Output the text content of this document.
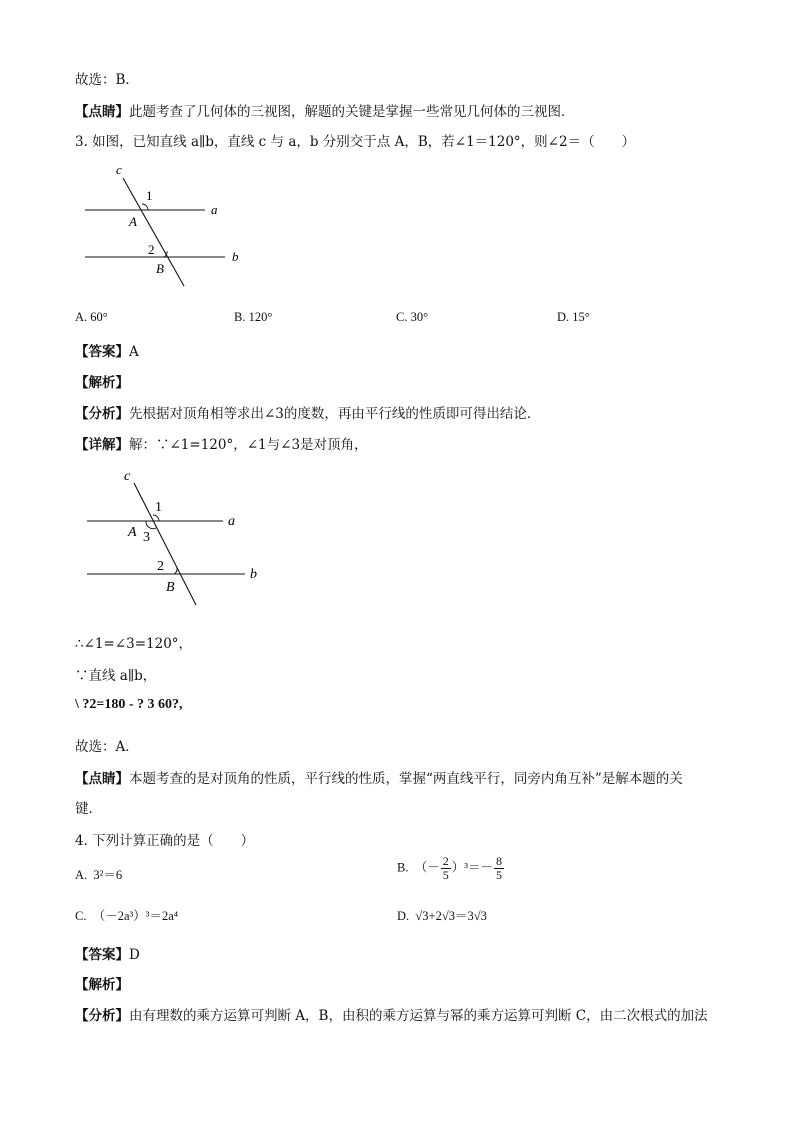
故选：B．
【点睛】此题考查了几何体的三视图，解题的关键是掌握一些常见几何体的三视图．
3. 如图，已知直线 a∥b，直线 c 与 a，b 分别交于点 A，B，若∠1＝120°，则∠2＝（　　）
c
1
a
A
2	b
B
A. 60°	B. 120°	C. 30°	D. 15°
【答案】A
【解析】
【分析】先根据对顶角相等求出∠3的度数，再由平行线的性质即可得出结论．
【详解】解：∵∠1=120°，∠1与∠3是对顶角，
c
1
a
A 3
2
b
B
∴∠1=∠3=120°，
∵直线 a∥b，
\ ?2=180 - ? 3 60?,
故选：A．
【点睛】本题考查的是对顶角的性质，平行线的性质，掌握“两直线平行，同旁内角互补”是解本题的关
键．
4. 下列计算正确的是（　　）
A. 3²＝6
B. （－ $\frac{2}{5} )^3=- \frac{8}{5}$
C. （－2a³）³＝2a⁴	D. √3+2√3＝3√3
【答案】D
【解析】
【分析】由有理数的乘方运算可判断 A，B，由积的乘方运算与幂的乘方运算可判断 C，由二次根式的加法
